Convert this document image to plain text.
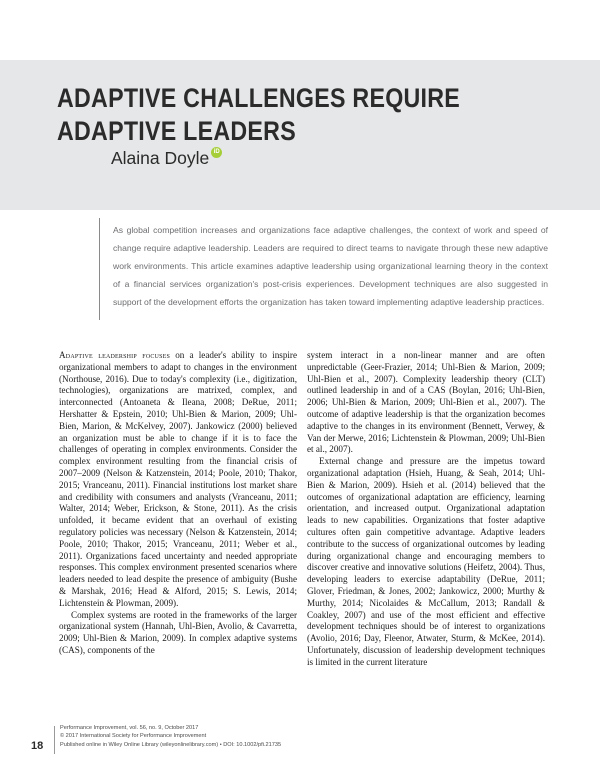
ADAPTIVE CHALLENGES REQUIRE ADAPTIVE LEADERS
Alaina Doyle iD

As global competition increases and organizations face adaptive challenges, the context of work and speed of change require adaptive leadership. Leaders are required to direct teams to navigate through these new adaptive work environments. This article examines adaptive leadership using organizational learning theory in the context of a financial services organization's post-crisis experiences. Development techniques are also suggested in support of the development efforts the organization has taken toward implementing adaptive leadership practices.

Adaptive leadership focuses on a leader's ability to inspire organizational members to adapt to changes in the environment (Northouse, 2016). Due to today's complexity (i.e., digitization, technologies), organizations are matrixed, complex, and interconnected (Antoaneta & Ileana, 2008; DeRue, 2011; Hershatter & Epstein, 2010; Uhl-Bien & Marion, 2009; Uhl-Bien, Marion, & McKelvey, 2007). Jankowicz (2000) believed an organization must be able to change if it is to face the challenges of operating in complex environments. Consider the complex environment resulting from the financial crisis of 2007–2009 (Nelson & Katzenstein, 2014; Poole, 2010; Thakor, 2015; Vranceanu, 2011). Financial institutions lost market share and credibility with consumers and analysts (Vranceanu, 2011; Walter, 2014; Weber, Erickson, & Stone, 2011). As the crisis unfolded, it became evident that an overhaul of existing regulatory policies was necessary (Nelson & Katzenstein, 2014; Poole, 2010; Thakor, 2015; Vranceanu, 2011; Weber et al., 2011). Organizations faced uncertainty and needed appropriate responses. This complex environment presented scenarios where leaders needed to lead despite the presence of ambiguity (Bushe & Marshak, 2016; Head & Alford, 2015; S. Lewis, 2014; Lichtenstein & Plowman, 2009).

Complex systems are rooted in the frameworks of the larger organizational system (Hannah, Uhl-Bien, Avolio, & Cavarretta, 2009; Uhl-Bien & Marion, 2009). In complex adaptive systems (CAS), components of the

system interact in a non-linear manner and are often unpredictable (Geer-Frazier, 2014; Uhl-Bien & Marion, 2009; Uhl-Bien et al., 2007). Complexity leadership theory (CLT) outlined leadership in and of a CAS (Boylan, 2016; Uhl-Bien, 2006; Uhl-Bien & Marion, 2009; Uhl-Bien et al., 2007). The outcome of adaptive leadership is that the organization becomes adaptive to the changes in its environment (Bennett, Verwey, & Van der Merwe, 2016; Lichtenstein & Plowman, 2009; Uhl-Bien et al., 2007).

External change and pressure are the impetus toward organizational adaptation (Hsieh, Huang, & Seah, 2014; Uhl-Bien & Marion, 2009). Hsieh et al. (2014) believed that the outcomes of organizational adaptation are efficiency, learning orientation, and increased output. Organizational adaptation leads to new capabilities. Organizations that foster adaptive cultures often gain competitive advantage. Adaptive leaders contribute to the success of organizational outcomes by leading during organizational change and encouraging members to discover creative and innovative solutions (Heifetz, 2004). Thus, developing leaders to exercise adaptability (DeRue, 2011; Glover, Friedman, & Jones, 2002; Jankowicz, 2000; Murthy & Murthy, 2014; Nicolaides & McCallum, 2013; Randall & Coakley, 2007) and use of the most efficient and effective development techniques should be of interest to organizations (Avolio, 2016; Day, Fleenor, Atwater, Sturm, & McKee, 2014). Unfortunately, discussion of leadership development techniques is limited in the current literature

18
Performance Improvement, vol. 56, no. 9, October 2017
© 2017 International Society for Performance Improvement
Published online in Wiley Online Library (wileyonlinelibrary.com) • DOI: 10.1002/pfi.21735
